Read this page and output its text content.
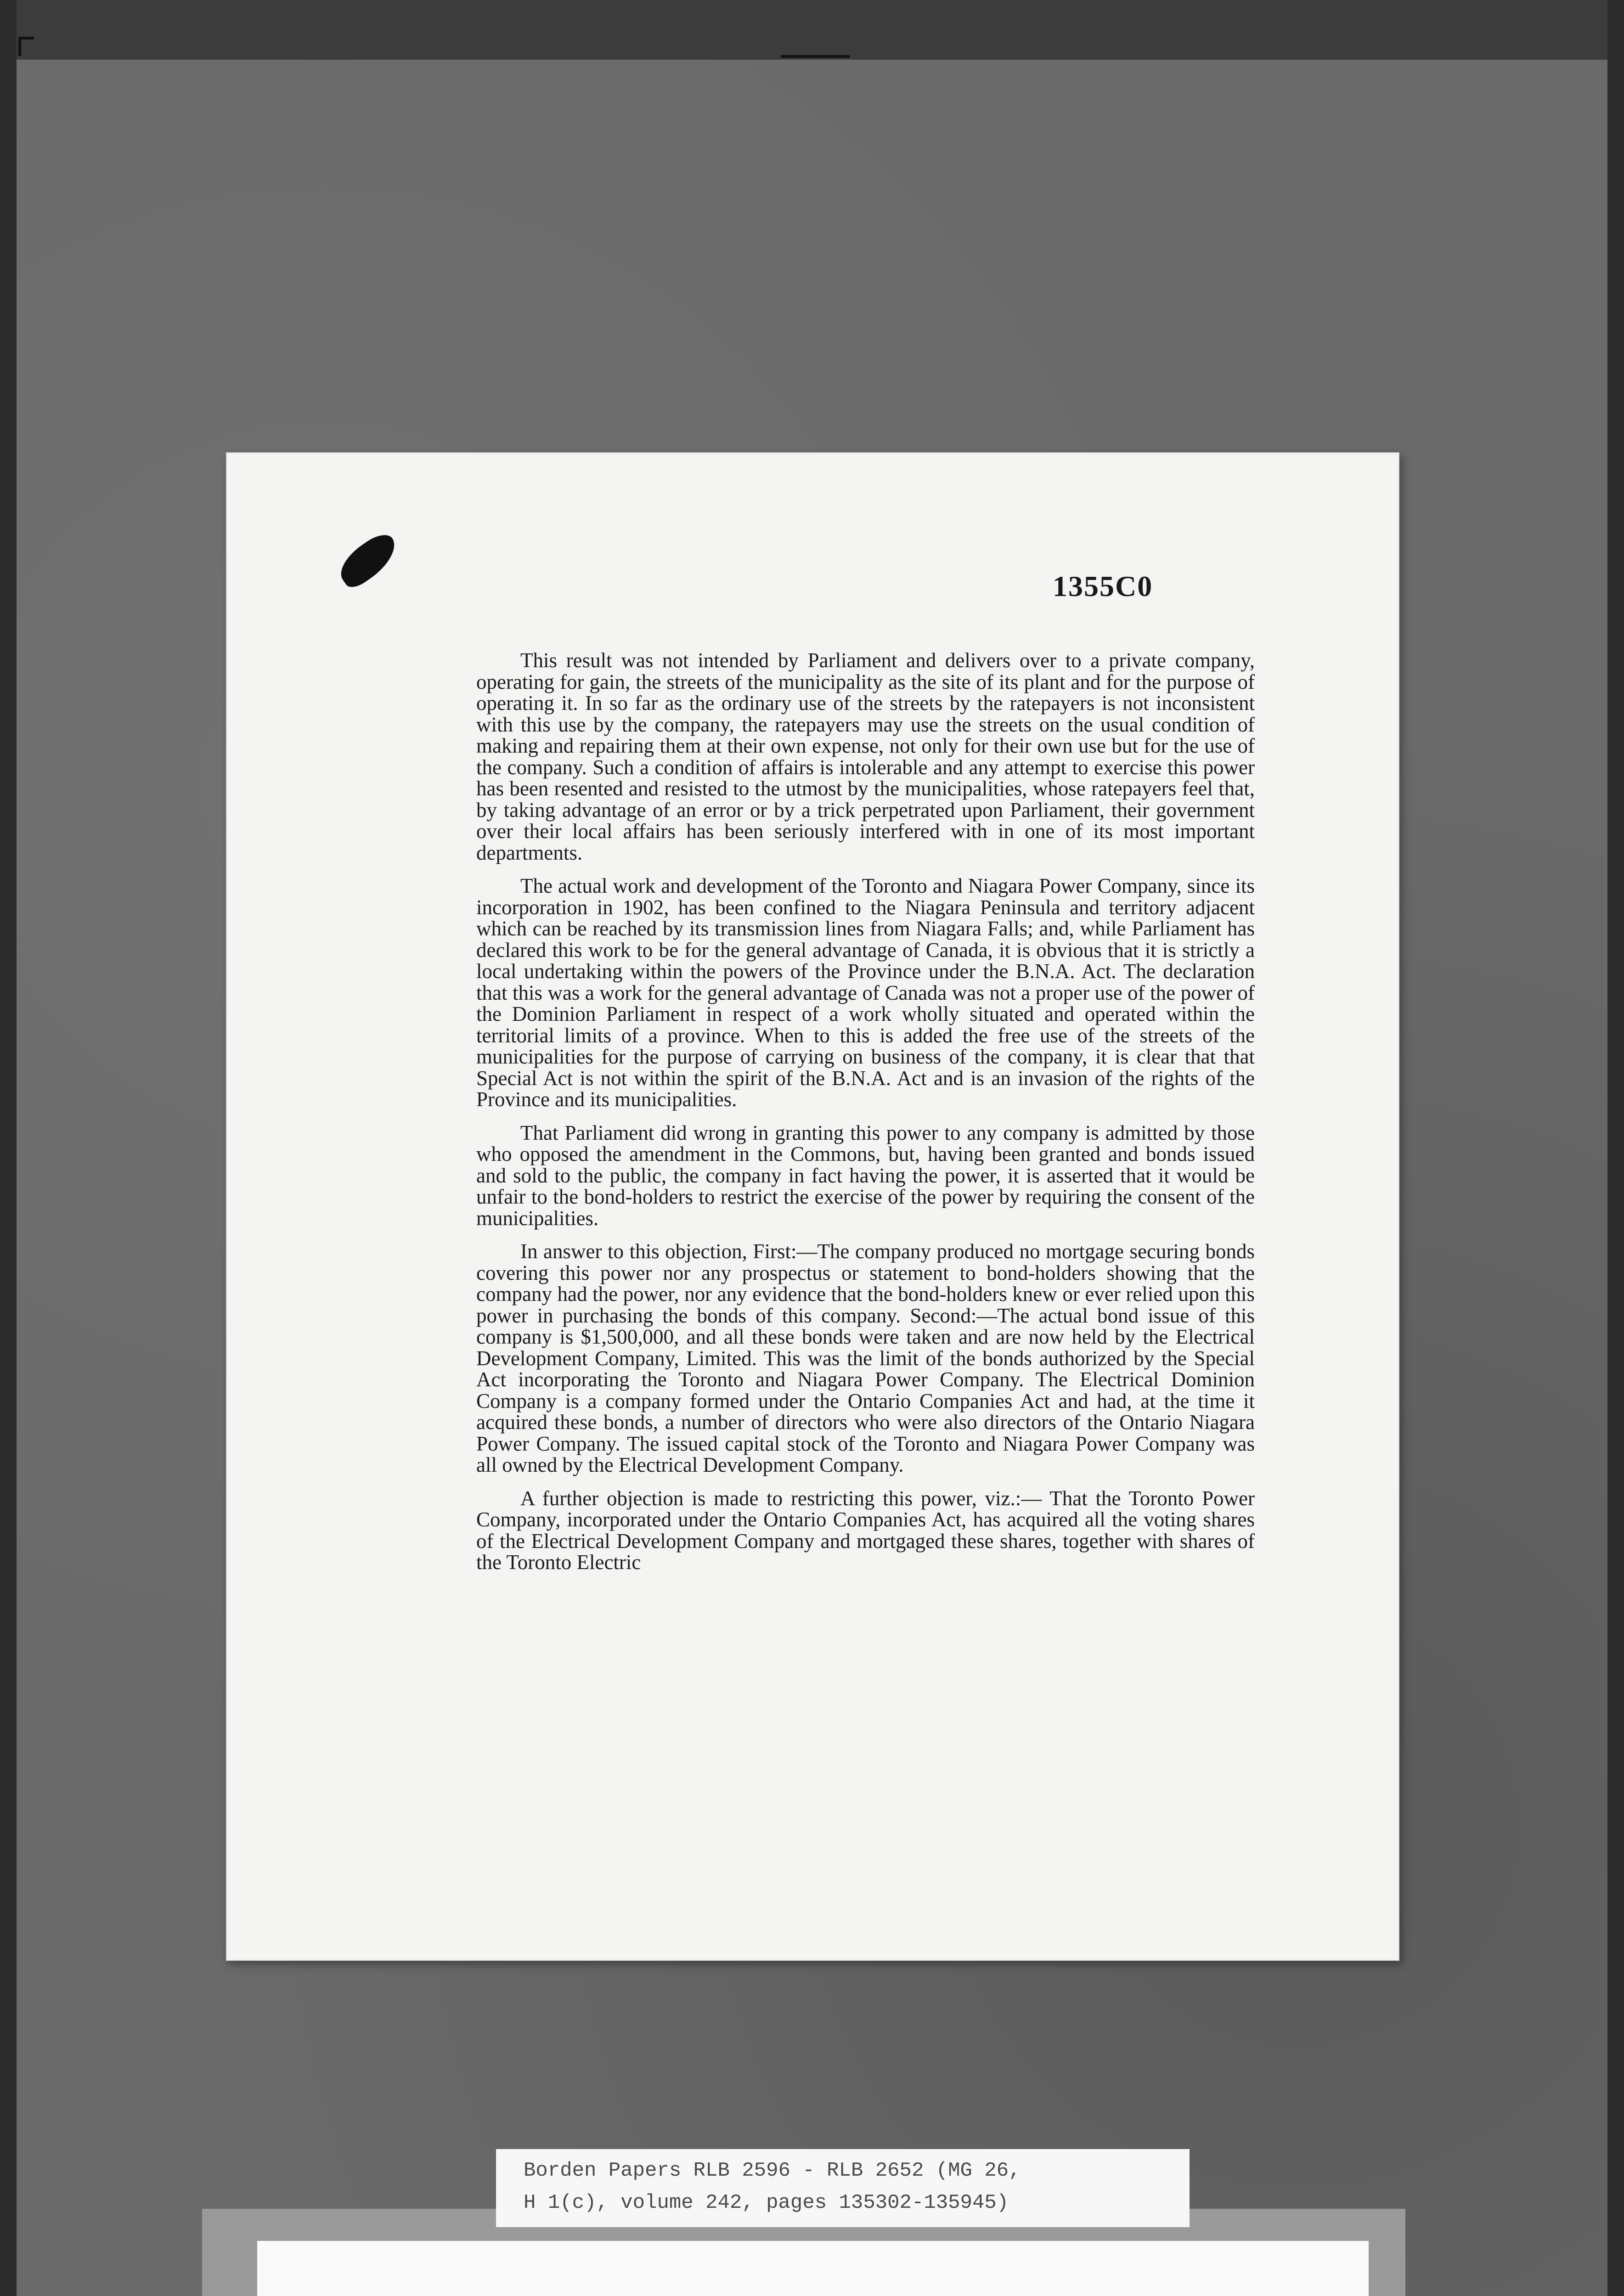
1355C0

This result was not intended by Parliament and delivers over to a private company, operating for gain, the streets of the municipality as the site of its plant and for the purpose of operating it. In so far as the ordinary use of the streets by the ratepayers is not inconsistent with this use by the company, the ratepayers may use the streets on the usual condition of making and repairing them at their own expense, not only for their own use but for the use of the company. Such a condition of affairs is intolerable and any attempt to exercise this power has been resented and resisted to the utmost by the municipalities, whose ratepayers feel that, by taking advantage of an error or by a trick perpetrated upon Parliament, their government over their local affairs has been seriously interfered with in one of its most important departments.

The actual work and development of the Toronto and Niagara Power Company, since its incorporation in 1902, has been confined to the Niagara Peninsula and territory adjacent which can be reached by its transmission lines from Niagara Falls; and, while Parliament has declared this work to be for the general advantage of Canada, it is obvious that it is strictly a local undertaking within the powers of the Province under the B.N.A. Act. The declaration that this was a work for the general advantage of Canada was not a proper use of the power of the Dominion Parliament in respect of a work wholly situated and operated within the territorial limits of a province. When to this is added the free use of the streets of the municipalities for the purpose of carrying on business of the company, it is clear that that Special Act is not within the spirit of the B.N.A. Act and is an invasion of the rights of the Province and its municipalities.

That Parliament did wrong in granting this power to any company is admitted by those who opposed the amendment in the Commons, but, having been granted and bonds issued and sold to the public, the company in fact having the power, it is asserted that it would be unfair to the bond-holders to restrict the exercise of the power by requiring the consent of the municipalities.

In answer to this objection, First:—The company produced no mortgage securing bonds covering this power nor any prospectus or statement to bond-holders showing that the company had the power, nor any evidence that the bond-holders knew or ever relied upon this power in purchasing the bonds of this company. Second:—The actual bond issue of this company is $1,500,000, and all these bonds were taken and are now held by the Electrical Development Company, Limited. This was the limit of the bonds authorized by the Special Act incorporating the Toronto and Niagara Power Company. The Electrical Dominion Company is a company formed under the Ontario Companies Act and had, at the time it acquired these bonds, a number of directors who were also directors of the Ontario Niagara Power Company. The issued capital stock of the Toronto and Niagara Power Company was all owned by the Electrical Development Company.

A further objection is made to restricting this power, viz.:— That the Toronto Power Company, incorporated under the Ontario Companies Act, has acquired all the voting shares of the Electrical Development Company and mortgaged these shares, together with shares of the Toronto Electric

Borden Papers RLB 2596 - RLB 2652 (MG 26,
H 1(c), volume 242, pages 135302-135945)
